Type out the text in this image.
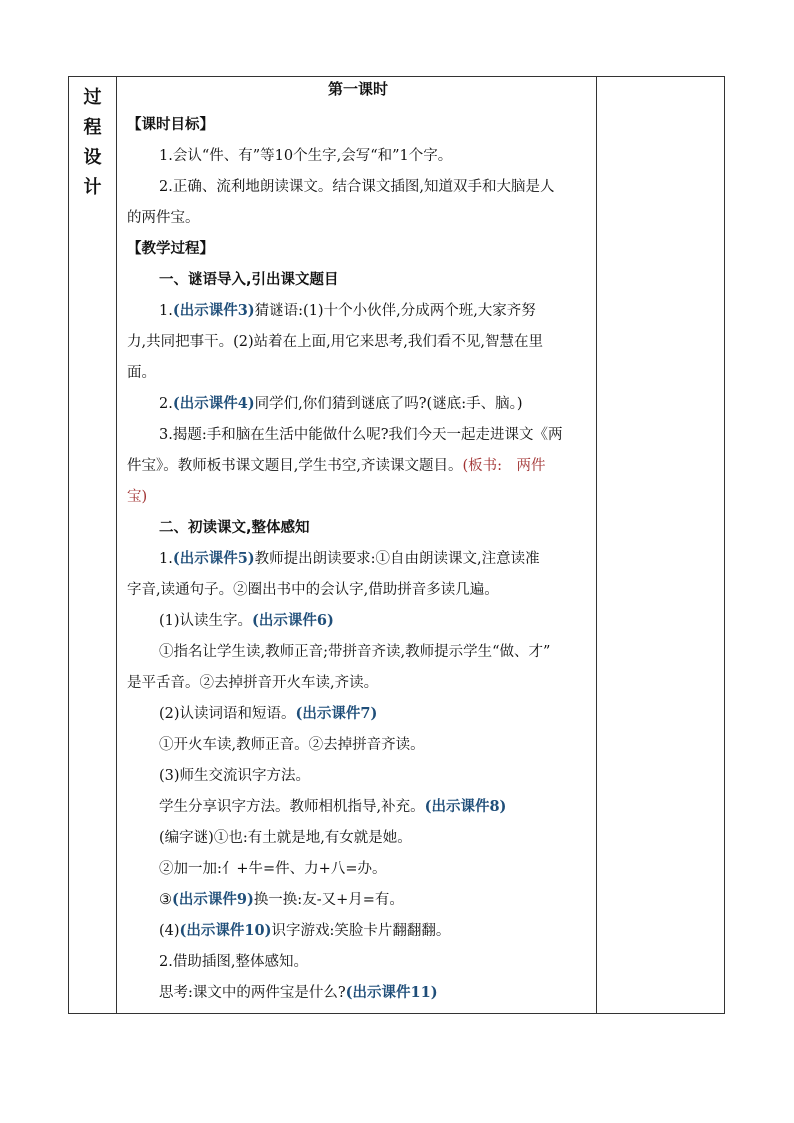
过
程
设
计
第一课时
【课时目标】
1.会认“件、有”等10个生字,会写“和”1个字。
2.正确、流利地朗读课文。结合课文插图,知道双手和大脑是人
的两件宝。
【教学过程】
一、谜语导入,引出课文题目
1.(出示课件3)猜谜语:(1)十个小伙伴,分成两个班,大家齐努
力,共同把事干。(2)站着在上面,用它来思考,我们看不见,智慧在里
面。
2.(出示课件4)同学们,你们猜到谜底了吗?(谜底:手、脑。)
3.揭题:手和脑在生活中能做什么呢?我们今天一起走进课文《两
件宝》。教师板书课文题目,学生书空,齐读课文题目。(板书:　两件
宝)
二、初读课文,整体感知
1.(出示课件5)教师提出朗读要求:①自由朗读课文,注意读准
字音,读通句子。②圈出书中的会认字,借助拼音多读几遍。
(1)认读生字。(出示课件6)
①指名让学生读,教师正音;带拼音齐读,教师提示学生“做、才”
是平舌音。②去掉拼音开火车读,齐读。
(2)认读词语和短语。(出示课件7)
①开火车读,教师正音。②去掉拼音齐读。
(3)师生交流识字方法。
学生分享识字方法。教师相机指导,补充。(出示课件8)
(编字谜)①也:有土就是地,有女就是她。
②加一加:亻+牛=件、力+八=办。
③(出示课件9)换一换:友-又+月=有。
(4)(出示课件10)识字游戏:笑脸卡片翻翻翻。
2.借助插图,整体感知。
思考:课文中的两件宝是什么?(出示课件11)
